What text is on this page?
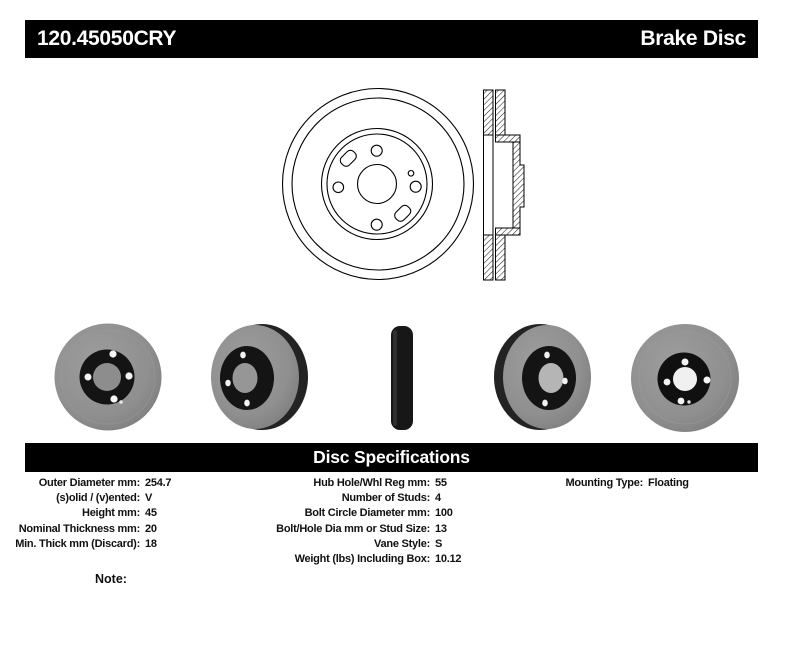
120.45050CRY	Brake Disc
Disc Specifications
Outer Diameter mm: 254.7
(s)olid / (v)ented: V
Height mm: 45
Nominal Thickness mm: 20
Min. Thick mm (Discard): 18
Hub Hole/Whl Reg mm: 55
Number of Studs: 4
Bolt Circle Diameter mm: 100
Bolt/Hole Dia mm or Stud Size: 13
Vane Style: S
Weight (lbs) Including Box: 10.12
Mounting Type: Floating
Note:
